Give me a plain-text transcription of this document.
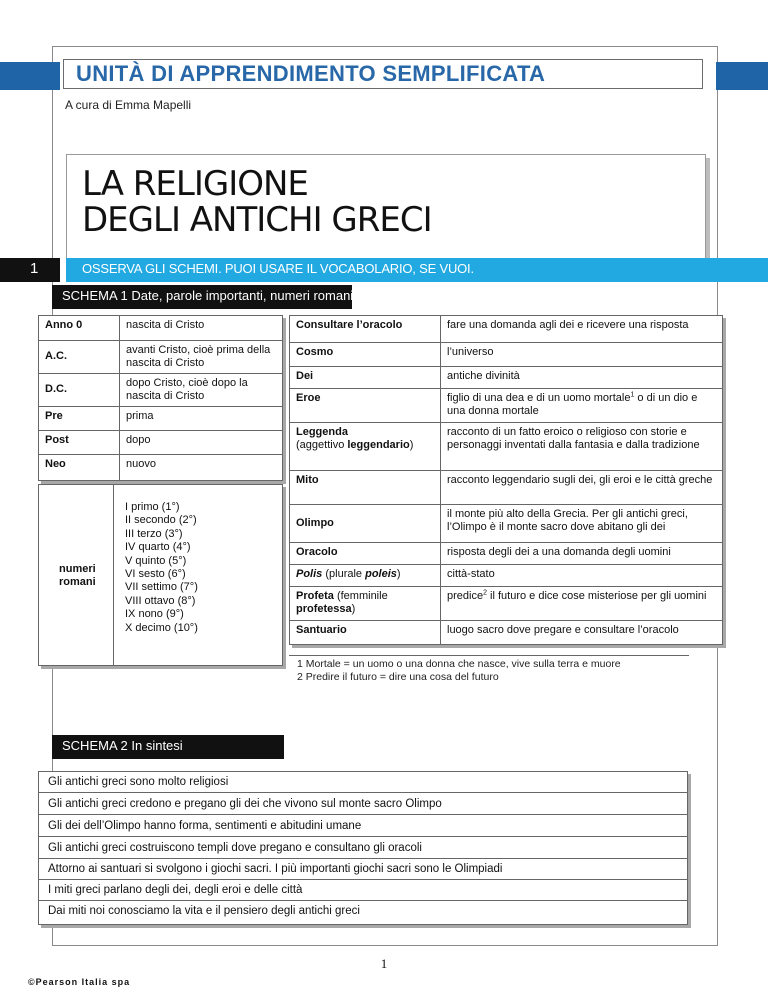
UNITÀ DI APPRENDIMENTO SEMPLIFICATA
A cura di Emma Mapelli
LA RELIGIONE
DEGLI ANTICHI GRECI
1	OSSERVA GLI SCHEMI. PUOI USARE IL VOCABOLARIO, SE VUOI.
SCHEMA 1 Date, parole importanti, numeri romani
Anno 0	nascita di Cristo
A.C.	avanti Cristo, cioè prima della nascita di Cristo
D.C.	dopo Cristo, cioè dopo la nascita di Cristo
Pre	prima
Post	dopo
Neo	nuovo
numeri
romani
I primo (1°)
II secondo (2°)
III terzo (3°)
IV quarto (4°)
V quinto (5°)
VI sesto (6°)
VII settimo (7°)
VIII ottavo (8°)
IX nono (9°)
X decimo (10°)
Consultare l’oracolo	fare una domanda agli dei e ricevere una risposta
Cosmo	l’universo
Dei	antiche divinità
Eroe	figlio di una dea e di un uomo mortale$^1$ o di un dio e una donna mortale

Leggenda
(aggettivo leggendario)	racconto di un fatto eroico o religioso con storie e personaggi inventati dalla fantasia e dalla tradizione
Mito	racconto leggendario sugli dei, gli eroi e le città greche
Olimpo	il monte più alto della Grecia. Per gli antichi greci, l’Olimpo è il monte sacro dove abitano gli dei
Oracolo	risposta degli dei a una domanda degli uomini
Polis (plurale poleis)	città-stato
Profeta (femminile profetessa)	predice$^2$ il futuro e dice cose misteriose per gli uomini
Santuario	luogo sacro dove pregare e consultare l’oracolo
1 Mortale = un uomo o una donna che nasce, vive sulla terra e muore
2 Predire il futuro = dire una cosa del futuro
SCHEMA 2 In sintesi
Gli antichi greci sono molto religiosi
Gli antichi greci credono e pregano gli dei che vivono sul monte sacro Olimpo
Gli dei dell’Olimpo hanno forma, sentimenti e abitudini umane
Gli antichi greci costruiscono templi dove pregano e consultano gli oracoli
Attorno ai santuari si svolgono i giochi sacri. I più importanti giochi sacri sono le Olimpiadi
I miti greci parlano degli dei, degli eroi e delle città
Dai miti noi conosciamo la vita e il pensiero degli antichi greci
1
©Pearson Italia spa
